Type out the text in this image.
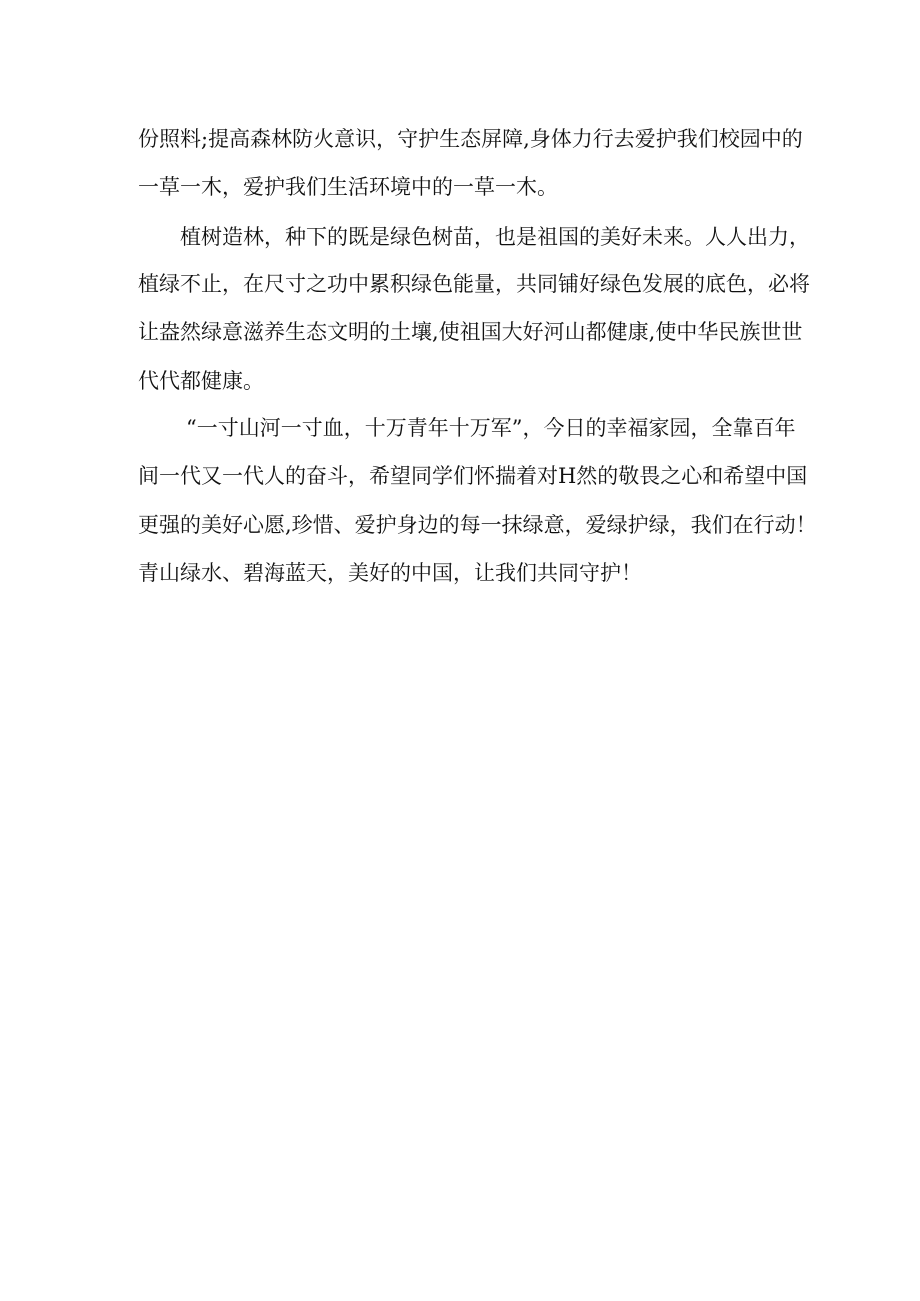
份照料;提高森林防火意识，守护生态屏障,身体力行去爱护我们校园中的

一草一木，爱护我们生活环境中的一草一木。

植树造林，种下的既是绿色树苗，也是祖国的美好未来。人人出力，

植绿不止，在尺寸之功中累积绿色能量，共同铺好绿色发展的底色，必将

让盎然绿意滋养生态文明的土壤,使祖国大好河山都健康,使中华民族世世

代代都健康。

“一寸山河一寸血，十万青年十万军”，今日的幸福家园，全靠百年

间一代又一代人的奋斗，希望同学们怀揣着对H然的敬畏之心和希望中国

更强的美好心愿,珍惜、爱护身边的每一抹绿意，爱绿护绿，我们在行动！

青山绿水、碧海蓝天，美好的中国，让我们共同守护！
